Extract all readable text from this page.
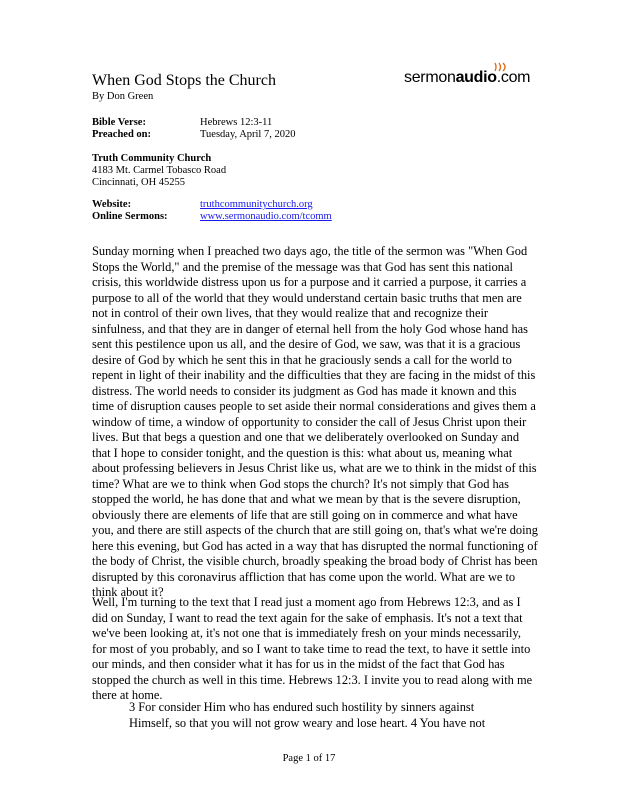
When God Stops the Church
By Don Green
sermonaudio.com
Bible Verse:	Hebrews 12:3-11
Preached on:	Tuesday, April 7, 2020
Truth Community Church
4183 Mt. Carmel Tobasco Road
Cincinnati, OH 45255
Website:	truthcommunitychurch.org
Online Sermons:	www.sermonaudio.com/tcomm
Sunday morning when I preached two days ago, the title of the sermon was "When God
Stops the World," and the premise of the message was that God has sent this national
crisis, this worldwide distress upon us for a purpose and it carried a purpose, it carries a
purpose to all of the world that they would understand certain basic truths that men are
not in control of their own lives, that they would realize that and recognize their
sinfulness, and that they are in danger of eternal hell from the holy God whose hand has
sent this pestilence upon us all, and the desire of God, we saw, was that it is a gracious
desire of God by which he sent this in that he graciously sends a call for the world to
repent in light of their inability and the difficulties that they are facing in the midst of this
distress. The world needs to consider its judgment as God has made it known and this
time of disruption causes people to set aside their normal considerations and gives them a
window of time, a window of opportunity to consider the call of Jesus Christ upon their
lives. But that begs a question and one that we deliberately overlooked on Sunday and
that I hope to consider tonight, and the question is this: what about us, meaning what
about professing believers in Jesus Christ like us, what are we to think in the midst of this
time? What are we to think when God stops the church? It's not simply that God has
stopped the world, he has done that and what we mean by that is the severe disruption,
obviously there are elements of life that are still going on in commerce and what have
you, and there are still aspects of the church that are still going on, that's what we're doing
here this evening, but God has acted in a way that has disrupted the normal functioning of
the body of Christ, the visible church, broadly speaking the broad body of Christ has been
disrupted by this coronavirus affliction that has come upon the world. What are we to
think about it?
Well, I'm turning to the text that I read just a moment ago from Hebrews 12:3, and as I
did on Sunday, I want to read the text again for the sake of emphasis. It's not a text that
we've been looking at, it's not one that is immediately fresh on your minds necessarily,
for most of you probably, and so I want to take time to read the text, to have it settle into
our minds, and then consider what it has for us in the midst of the fact that God has
stopped the church as well in this time. Hebrews 12:3. I invite you to read along with me
there at home.
3 For consider Him who has endured such hostility by sinners against
Himself, so that you will not grow weary and lose heart. 4 You have not
Page 1 of 17
